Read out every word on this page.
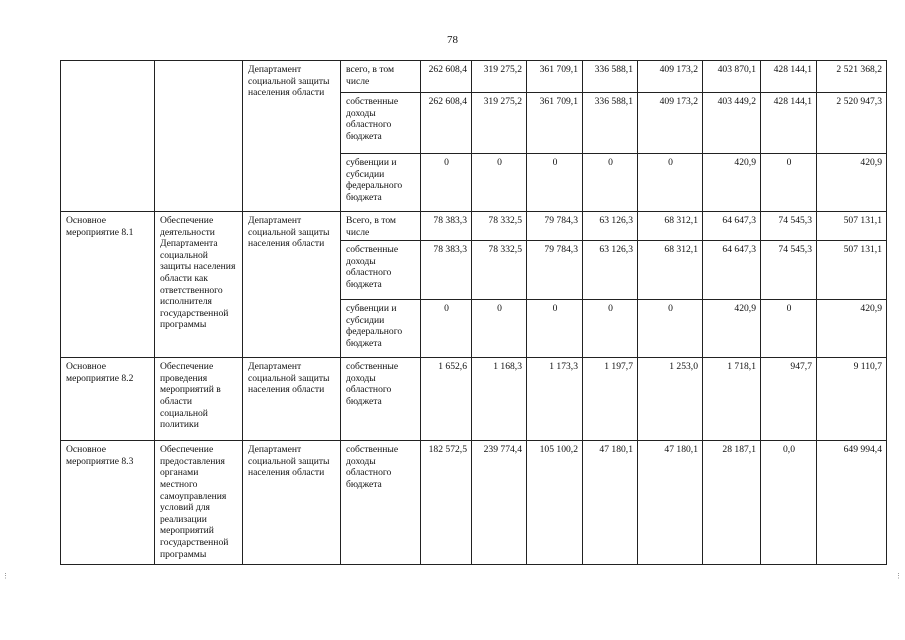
78
		Департамент социальной защиты населения области	всего, в том числе	262 608,4	319 275,2	361 709,1	336 588,1	409 173,2	403 870,1	428 144,1	2 521 368,2
			собственные доходы областного бюджета	262 608,4	319 275,2	361 709,1	336 588,1	409 173,2	403 449,2	428 144,1	2 520 947,3
			субвенции и субсидии федерального бюджета	0	0	0	0	0	420,9	0	420,9
Основное мероприятие 8.1	Обеспечение деятельности Департамента социальной защиты населения области как ответственного исполнителя государственной программы	Департамент социальной защиты населения области	Всего, в том числе	78 383,3	78 332,5	79 784,3	63 126,3	68 312,1	64 647,3	74 545,3	507 131,1
			собственные доходы областного бюджета	78 383,3	78 332,5	79 784,3	63 126,3	68 312,1	64 647,3	74 545,3	507 131,1
			субвенции и субсидии федерального бюджета	0	0	0	0	0	420,9	0	420,9
Основное мероприятие 8.2	Обеспечение проведения мероприятий в области социальной политики	Департамент социальной защиты населения области	собственные доходы областного бюджета	1 652,6	1 168,3	1 173,3	1 197,7	1 253,0	1 718,1	947,7	9 110,7
Основное мероприятие 8.3	Обеспечение предоставления органами местного самоуправления условий для реализации мероприятий государственной программы	Департамент социальной защиты населения области	собственные доходы областного бюджета	182 572,5	239 774,4	105 100,2	47 180,1	47 180,1	28 187,1	0,0	649 994,4
⋮	⋮
